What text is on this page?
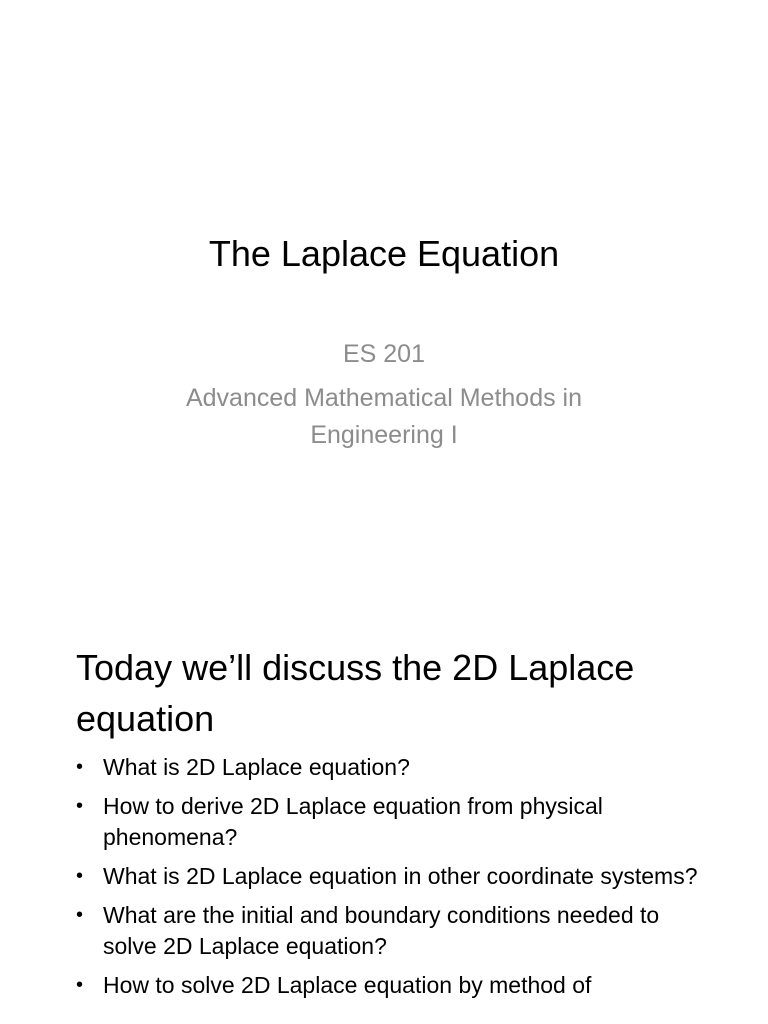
The Laplace Equation
ES 201
Advanced Mathematical Methods in Engineering I
Today we’ll discuss the 2D Laplace equation
• What is 2D Laplace equation?
• How to derive 2D Laplace equation from physical phenomena?
• What is 2D Laplace equation in other coordinate systems?
• What are the initial and boundary conditions needed to solve 2D Laplace equation?
• How to solve 2D Laplace equation by method of
